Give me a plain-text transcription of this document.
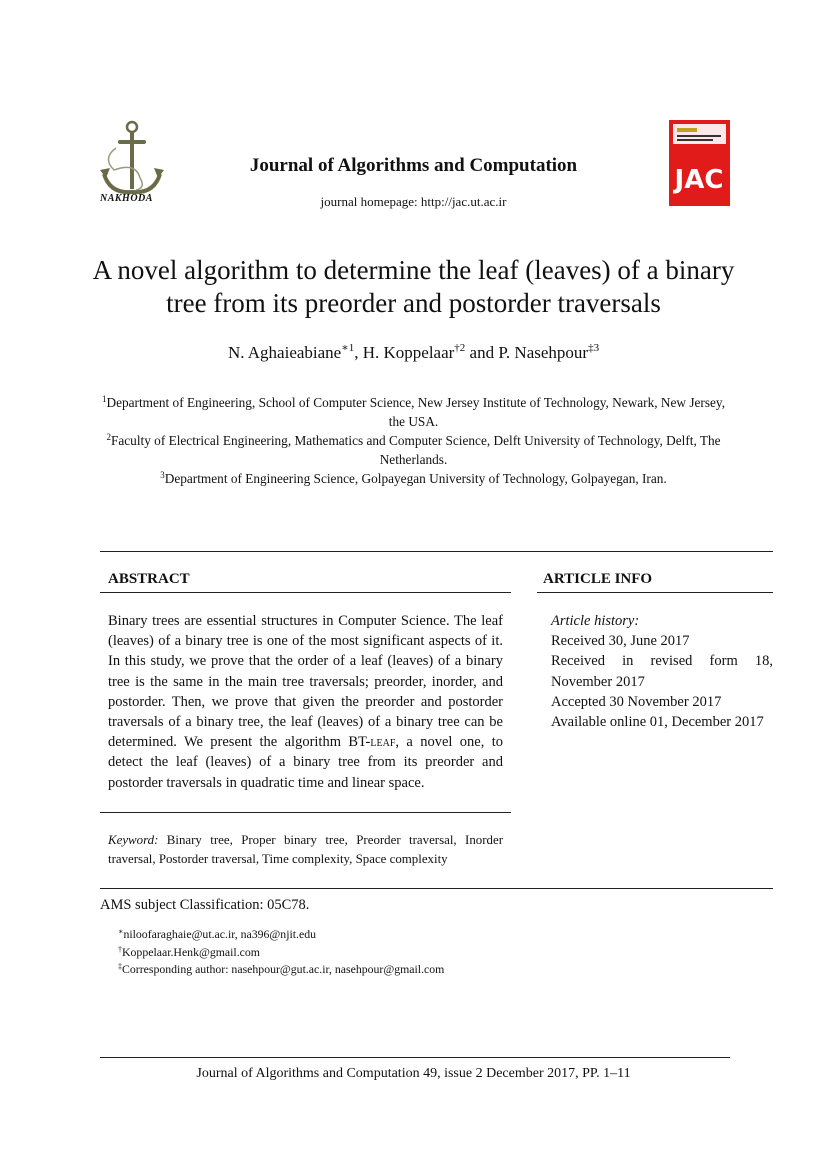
NAKHODA
Journal of Algorithms and Computation
journal homepage: http://jac.ut.ac.ir
JAC
A novel algorithm to determine the leaf (leaves) of a binary tree from its preorder and postorder traversals
N. Aghaieabiane$^{∗1}$, H. Koppelaar$^{\dagger 2}$ and P. Nasehpour$^{\ddagger 3}$
$^1$Department of Engineering, School of Computer Science, New Jersey Institute of Technology, Newark, New Jersey, the USA.
$^2$Faculty of Electrical Engineering, Mathematics and Computer Science, Delft University of Technology, Delft, The Netherlands.
$^3$Department of Engineering Science, Golpayegan University of Technology, Golpayegan, Iran.
ABSTRACT
Binary trees are essential structures in Computer Science. The leaf (leaves) of a binary tree is one of the most significant aspects of it. In this study, we prove that the order of a leaf (leaves) of a binary tree is the same in the main tree traversals; preorder, inorder, and postorder. Then, we prove that given the preorder and postorder traversals of a binary tree, the leaf (leaves) of a binary tree can be determined. We present the algorithm BT-leaf, a novel one, to detect the leaf (leaves) of a binary tree from its preorder and postorder traversals in quadratic time and linear space.
Keyword: Binary tree, Proper binary tree, Preorder traversal, Inorder traversal, Postorder traversal, Time complexity, Space complexity
ARTICLE INFO
Article history:
Received 30, June 2017
Received in revised form 18, November 2017
Accepted 30 November 2017
Available online 01, December 2017
AMS subject Classification: 05C78.
∗niloofaraghaie@ut.ac.ir, na396@njit.edu
†Koppelaar.Henk@gmail.com
‡Corresponding author: nasehpour@gut.ac.ir, nasehpour@gmail.com
Journal of Algorithms and Computation 49, issue 2 December 2017, PP. 1–11
